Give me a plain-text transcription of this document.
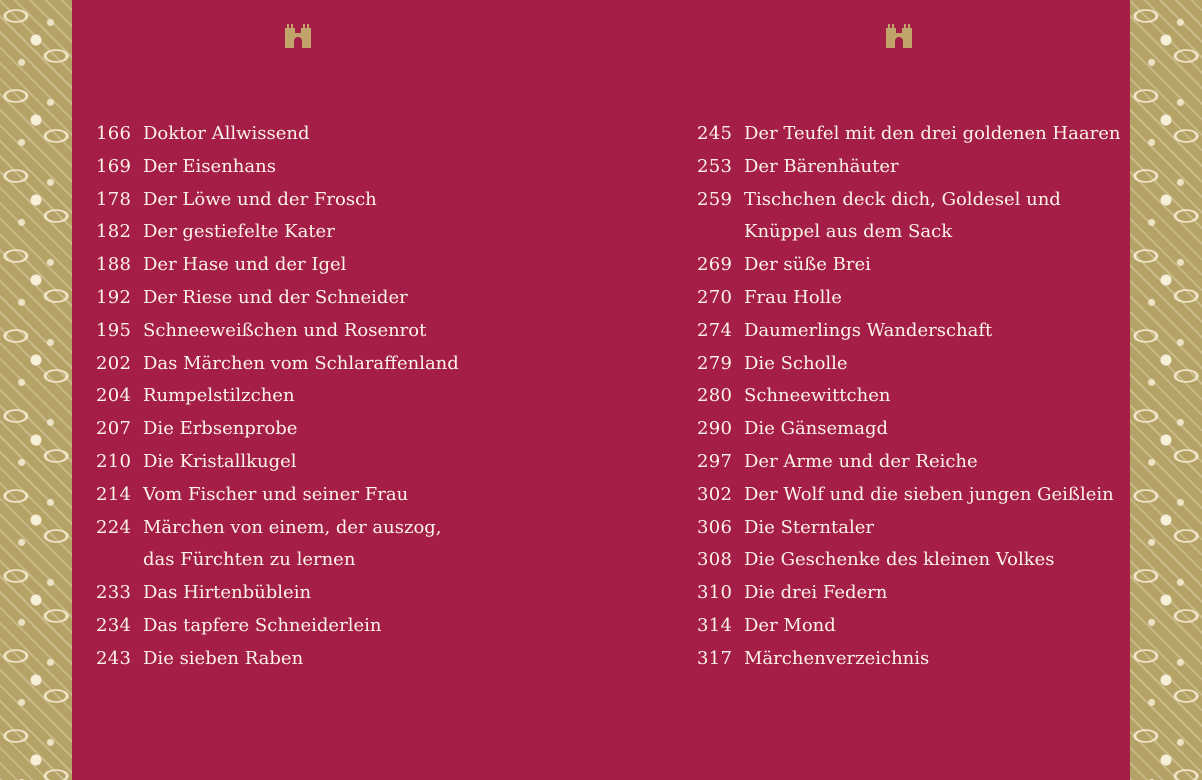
166 Doktor Allwissend
169 Der Eisenhans
178 Der Löwe und der Frosch
182 Der gestiefelte Kater
188 Der Hase und der Igel
192 Der Riese und der Schneider
195 Schneeweißchen und Rosenrot
202 Das Märchen vom Schlaraffenland
204 Rumpelstilzchen
207 Die Erbsenprobe
210 Die Kristallkugel
214 Vom Fischer und seiner Frau
224 Märchen von einem, der auszog,
das Fürchten zu lernen
233 Das Hirtenbüblein
234 Das tapfere Schneiderlein
243 Die sieben Raben
245 Der Teufel mit den drei goldenen Haaren
253 Der Bärenhäuter
259 Tischchen deck dich, Goldesel und
Knüppel aus dem Sack
269 Der süße Brei
270 Frau Holle
274 Daumerlings Wanderschaft
279 Die Scholle
280 Schneewittchen
290 Die Gänsemagd
297 Der Arme und der Reiche
302 Der Wolf und die sieben jungen Geißlein
306 Die Sterntaler
308 Die Geschenke des kleinen Volkes
310 Die drei Federn
314 Der Mond
317 Märchenverzeichnis
